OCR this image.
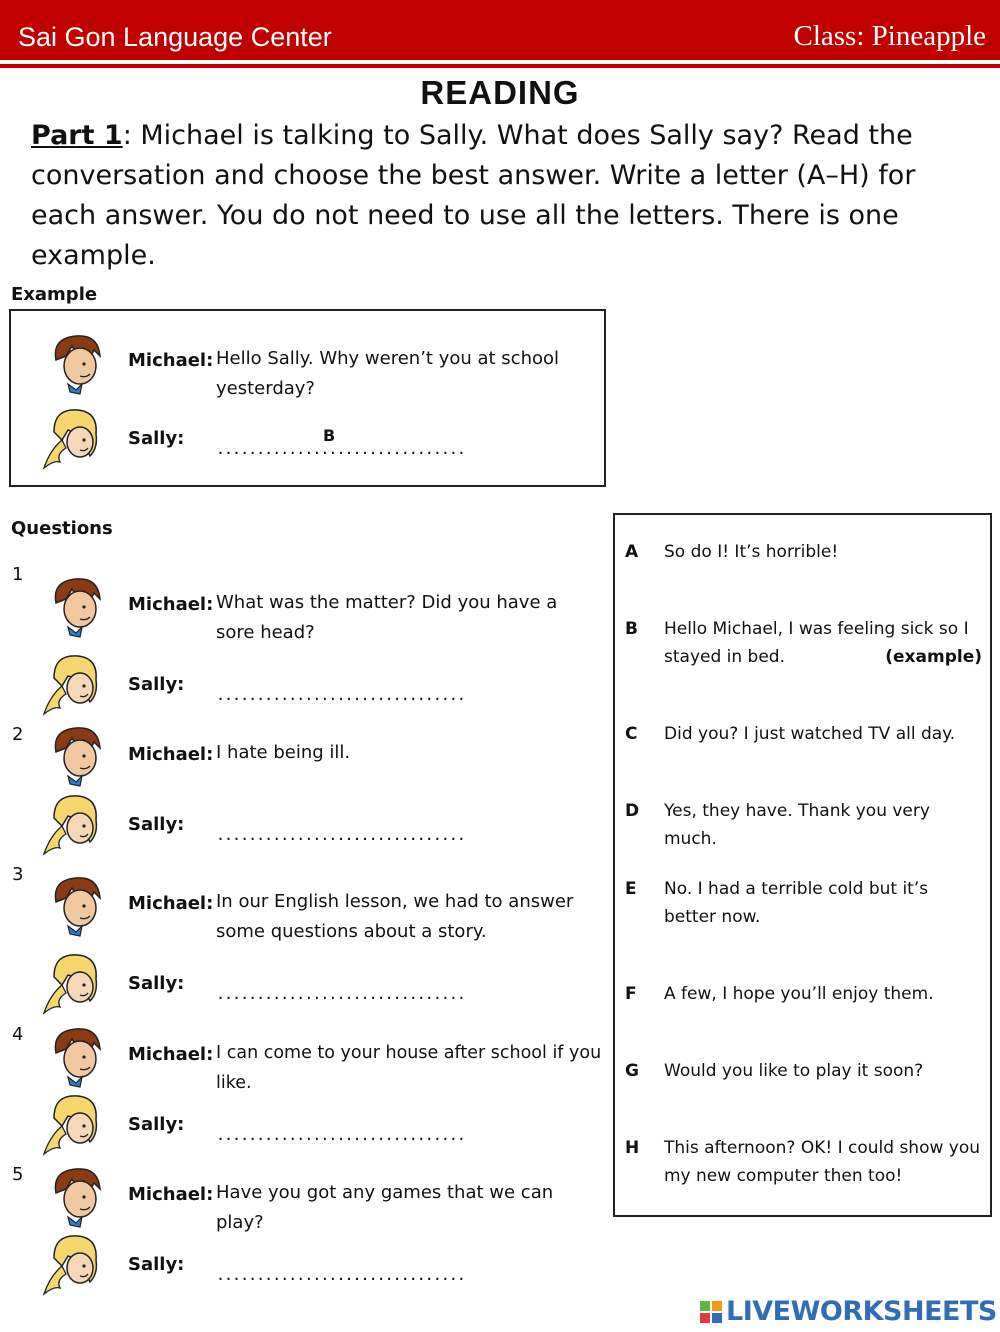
Sai Gon Language Center	Class: Pineapple
READING
Part 1: Michael is talking to Sally. What does Sally say? Read the conversation and choose the best answer. Write a letter (A–H) for each answer. You do not need to use all the letters. There is one example.
Example
Michael: Hello Sally. Why weren’t you at school yesterday?
Sally: ...............................
B
Questions
1
Michael: What was the matter? Did you have a sore head?
Sally: ...............................
2
Michael: I hate being ill.
Sally: ...............................
3
Michael: In our English lesson, we had to answer some questions about a story.
Sally: ...............................
4
Michael: I can come to your house after school if you like.
Sally: ...............................
5
Michael: Have you got any games that we can play?
Sally: ...............................
A So do I! It’s horrible!
B Hello Michael, I was feeling sick so I stayed in bed.	(example)
C Did you? I just watched TV all day.
D Yes, they have. Thank you very much.
E No. I had a terrible cold but it’s better now.
F A few, I hope you’ll enjoy them.
G Would you like to play it soon?
H This afternoon? OK! I could show you my new computer then too!
LIVEWORKSHEETS
